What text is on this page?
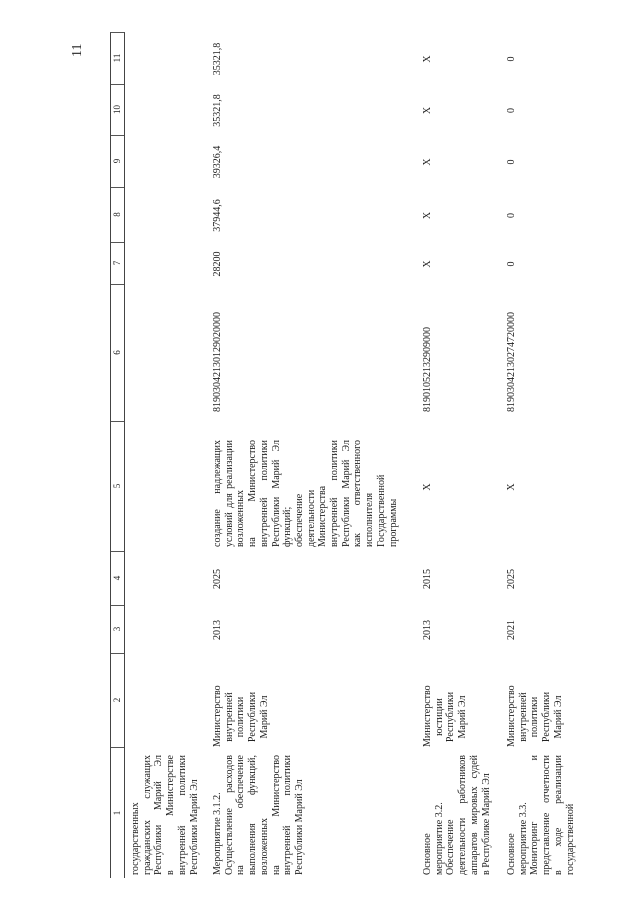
11
1
2
3
4
5
6
7
8
9
10
11
государственных гражданских служащих Республики Марий Эл в Министерстве внутренней политики Республики Марий Эл Мероприятие 3.1.2. Осуществление расходов на обеспечение выполнения функций, возложенных на Министерство внутренней политики Республики Марий Эл
Министерство внутренней политики Республики Марий Эл
2013
2025
создание надлежащих условий для реализации возложенных на Министерство внутренней политики Республики Марий Эл функций; обеспечение деятельности Министерства внутренней политики Республики Марий Эл как ответственного исполнителя Государственной программы
81903042130129020000
28200
37944,6
39326,4
35321,8
35321,8
Основное мероприятие 3.2. Обеспечение деятельности работников аппаратов мировых судей в Республике Марий Эл
Министерство юстиции Республики Марий Эл
2013
2015
X
81901052132909000
X
X
X
X
X
Основное мероприятие 3.3. Мониторинг и представление отчетности в ходе реализации государственной
Министерство внутренней политики Республики Марий Эл
2021
2025
X
81903042130274720000
0
0
0
0
0
